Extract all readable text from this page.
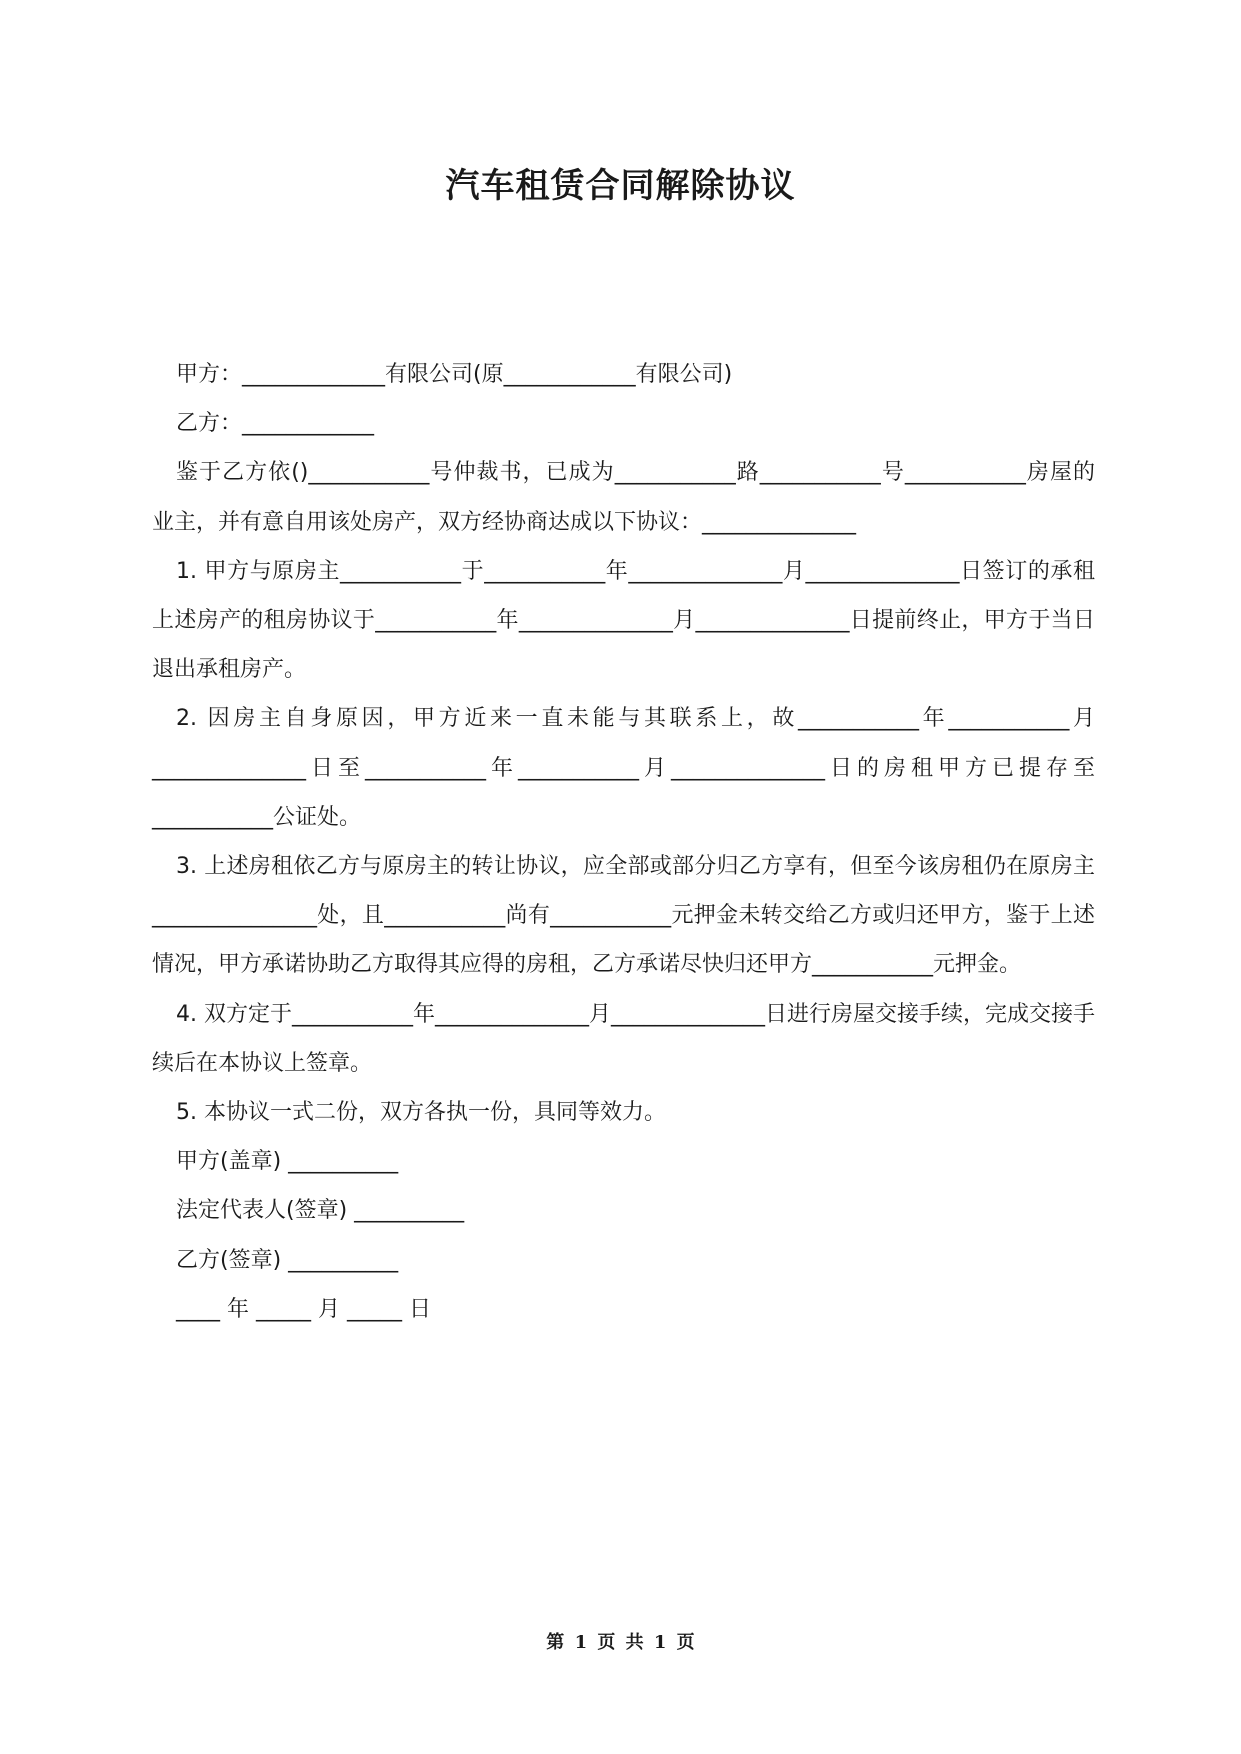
汽车租赁合同解除协议
甲方：_____________有限公司(原____________有限公司)
乙方：____________
鉴于乙方依()___________号仲裁书，已成为___________路___________号___________房屋的业主，并有意自用该处房产，双方经协商达成以下协议：______________
1. 甲方与原房主___________于___________年______________月______________日签订的承租上述房产的租房协议于___________年______________月______________日提前终止，甲方于当日退出承租房产。
2. 因房主自身原因，甲方近来一直未能与其联系上，故___________年___________月______________日至___________年___________月______________日的房租甲方已提存至___________公证处。
3. 上述房租依乙方与原房主的转让协议，应全部或部分归乙方享有，但至今该房租仍在原房主_______________处，且___________尚有___________元押金未转交给乙方或归还甲方，鉴于上述情况，甲方承诺协助乙方取得其应得的房租，乙方承诺尽快归还甲方___________元押金。
4. 双方定于___________年______________月______________日进行房屋交接手续，完成交接手续后在本协议上签章。
5. 本协议一式二份，双方各执一份，具同等效力。
甲方(盖章) __________
法定代表人(签章) __________
乙方(签章) __________
____ 年 _____ 月 _____ 日
第 1 页 共 1 页
